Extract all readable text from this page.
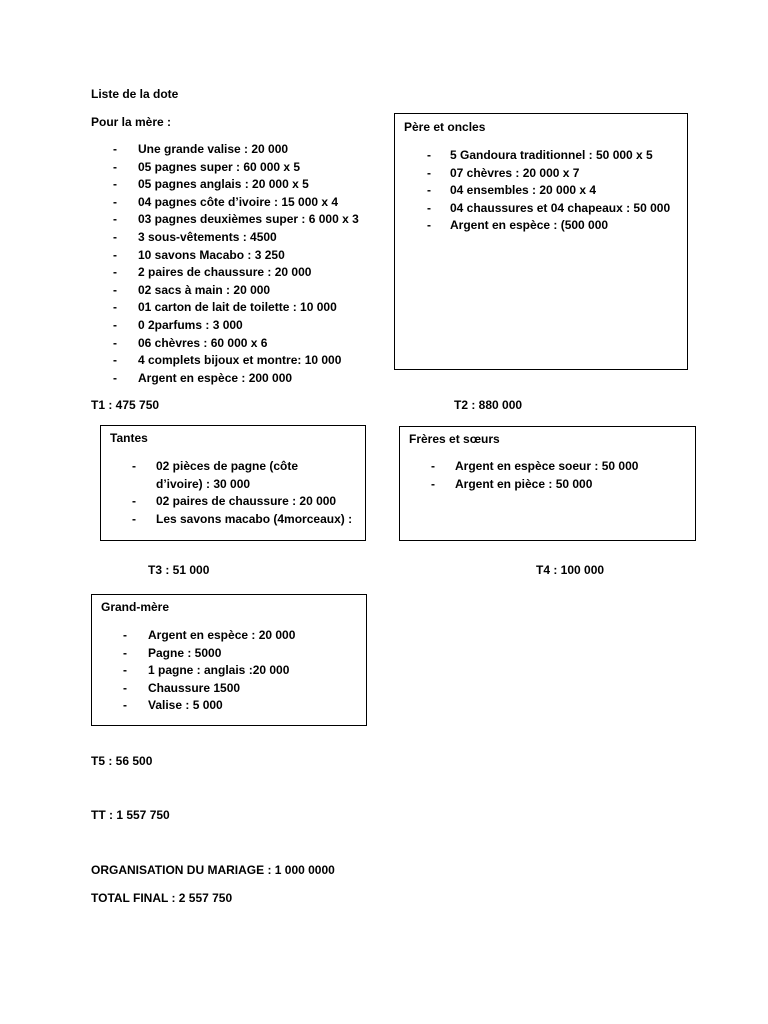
Liste de la dote
Pour la mère :
- Une grande valise : 20 000
- 05 pagnes super : 60 000 x 5
- 05 pagnes anglais : 20 000 x 5
- 04 pagnes côte d’ivoire : 15 000 x 4
- 03 pagnes deuxièmes super : 6 000 x 3
- 3 sous-vêtements : 4500
- 10 savons Macabo : 3 250
- 2 paires de chaussure : 20 000
- 02 sacs à main : 20 000
- 01 carton de lait de toilette : 10 000
- 0 2parfums : 3 000
- 06 chèvres : 60 000 x 6
- 4 complets bijoux et montre: 10 000
- Argent en espèce : 200 000
Père et oncles
- 5 Gandoura traditionnel : 50 000 x 5
- 07 chèvres : 20 000 x 7
- 04 ensembles : 20 000 x 4
- 04 chaussures et 04 chapeaux : 50 000
- Argent en espèce : (500 000
T1 : 475 750	T2 : 880 000
Tantes
- 02 pièces de pagne (côte
d’ivoire) : 30 000
- 02 paires de chaussure : 20 000
- Les savons macabo (4morceaux) :
Frères et sœurs
- Argent en espèce soeur : 50 000
- Argent en pièce : 50 000
T3 : 51 000	T4 : 100 000
Grand-mère
- Argent en espèce : 20 000
- Pagne : 5000
- 1 pagne : anglais :20 000
- Chaussure 1500
- Valise : 5 000
T5 : 56 500
TT : 1 557 750
ORGANISATION DU MARIAGE : 1 000 0000
TOTAL FINAL : 2 557 750
